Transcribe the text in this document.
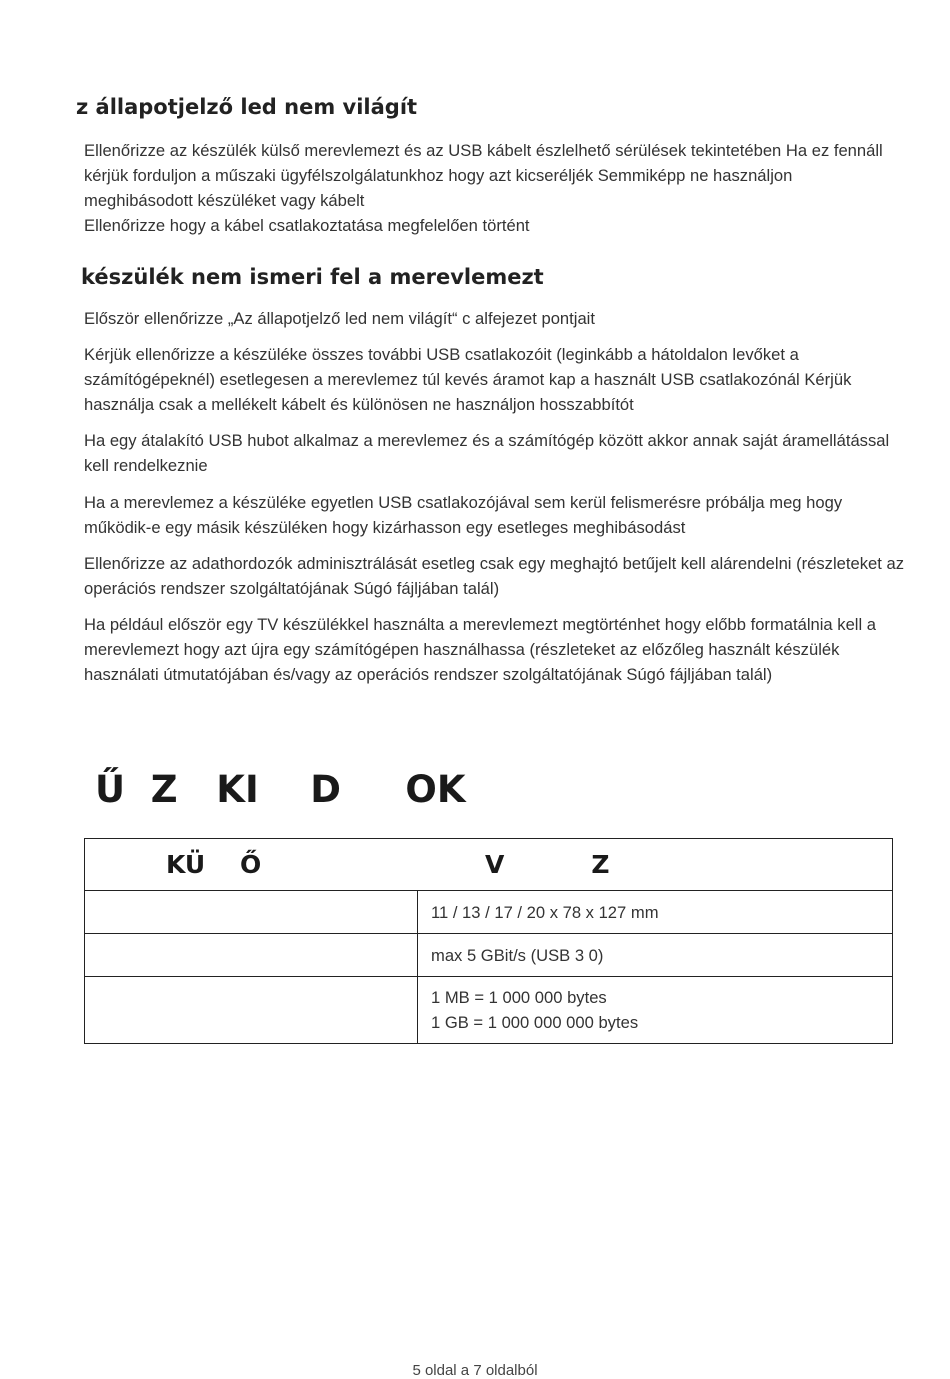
z állapotjelző led nem világít

Ellenőrizze az készülék külső merevlemezt és az USB kábelt észlelhető sérülések tekintetében Ha ez fennáll kérjük forduljon a műszaki ügyfélszolgálatunkhoz hogy azt kicseréljék Semmiképp ne használjon meghibásodott készüléket vagy kábelt

Ellenőrizze hogy a kábel csatlakoztatása megfelelően történt

készülék nem ismeri fel a merevlemezt

Először ellenőrizze „Az állapotjelző led nem világít“ c alfejezet pontjait

Kérjük ellenőrizze a készüléke összes további USB csatlakozóit (leginkább a hátoldalon levőket a számítógépeknél) esetlegesen a merevlemez túl kevés áramot kap a használt USB csatlakozónál Kérjük használja csak a mellékelt kábelt és különösen ne használjon hosszabbítót

Ha egy átalakító USB hubot alkalmaz a merevlemez és a számítógép között akkor annak saját áramellátással kell rendelkeznie

Ha a merevlemez a készüléke egyetlen USB csatlakozójával sem kerül felismerésre próbálja meg hogy működik-e egy másik készüléken hogy kizárhasson egy esetleges meghibásodást

Ellenőrizze az adathordozók adminisztrálását esetleg csak egy meghajtó betűjelt kell alárendelni (részleteket az operációs rendszer szolgáltatójának Súgó fájljában talál)

Ha például először egy TV készülékkel használta a merevlemezt megtörténhet hogy előbb formatálnia kell a merevlemezt hogy azt újra egy számítógépen használhassa (részleteket az előzőleg használt készülék használati útmutatójában és/vagy az operációs rendszer szolgáltatójának Súgó fájljában talál)

Ű  Z   KI    D     OK
KÜ    Ő V          Z	

	11 / 13 / 17 / 20 x 78 x 127 mm
	max 5 GBit/s (USB 3 0)

	1 MB = 1 000 000 bytes
1 GB = 1 000 000 000 bytes
5 oldal a 7 oldalból
